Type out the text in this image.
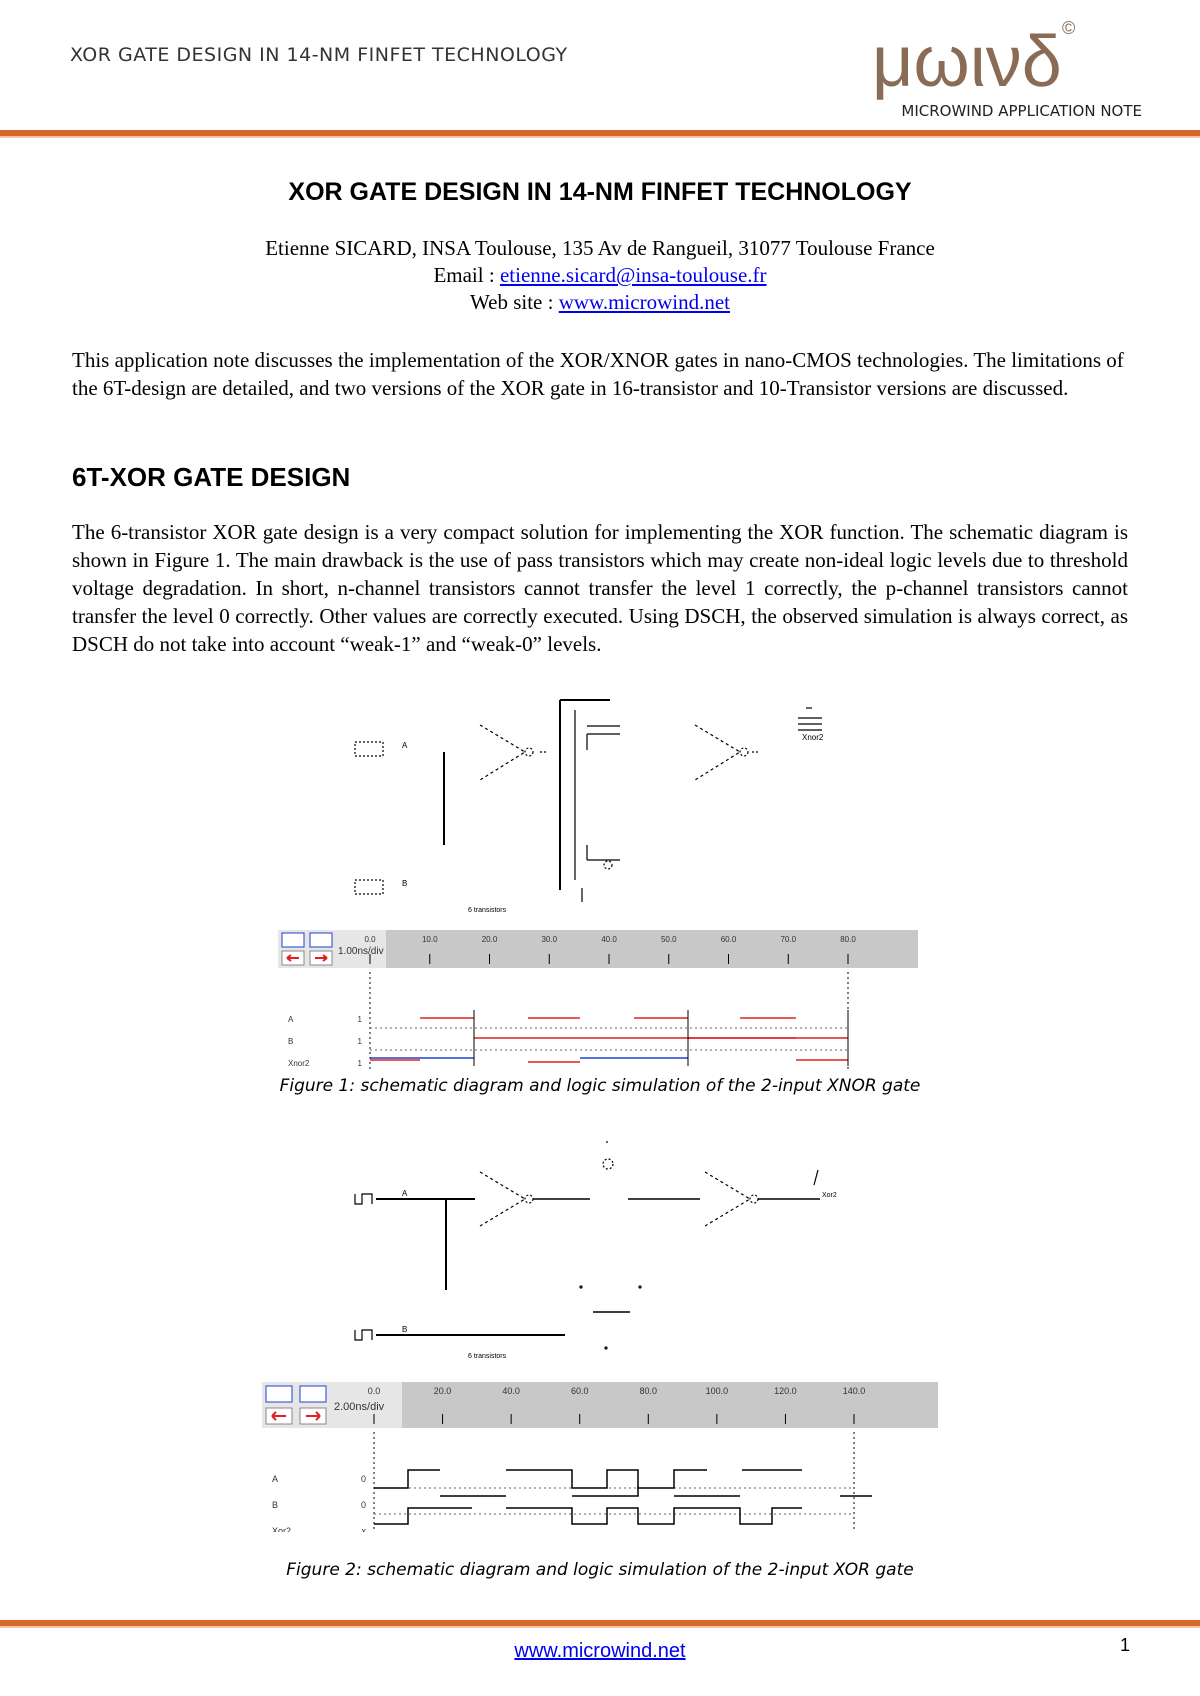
XOR GATE DESIGN IN 14-NM FINFET TECHNOLOGY	μωινδ ©
MICROWIND APPLICATION NOTE
XOR GATE DESIGN IN 14-NM FINFET TECHNOLOGY
Etienne SICARD, INSA Toulouse, 135 Av de Rangueil, 31077 Toulouse France
Email : etienne.sicard@insa-toulouse.fr
Web site : www.microwind.net
This application note discusses the implementation of the XOR/XNOR gates in nano-CMOS technologies. The limitations of the 6T-design are detailed, and two versions of the XOR gate in 16-transistor and 10-Transistor versions are discussed.
6T-XOR GATE DESIGN
The 6-transistor XOR gate design is a very compact solution for implementing the XOR function. The schematic diagram is shown in Figure 1. The main drawback is the use of pass transistors which may create non-ideal logic levels due to threshold voltage degradation. In short, n-channel transistors cannot transfer the level 1 correctly, the p-channel transistors cannot transfer the level 0 correctly. Other values are correctly executed. Using DSCH, the observed simulation is always correct, as DSCH do not take into account “weak-1” and “weak-0” levels.
A
B
Xnor2
6 transistors
1.00ns/div
0.0	10.0	20.0	30.0	40.0	50.0	60.0	70.0	80.0
A	1
B	1
Xnor2	1
Figure 1: schematic diagram and logic simulation of the 2-input XNOR gate
A
B
Xor2
6 transistors
2.00ns/div
0.0	20.0	40.0	60.0	80.0	100.0	120.0	140.0
A	0
B	0
Xor2	x
Figure 2: schematic diagram and logic simulation of the 2-input XOR gate
www.microwind.net	1
